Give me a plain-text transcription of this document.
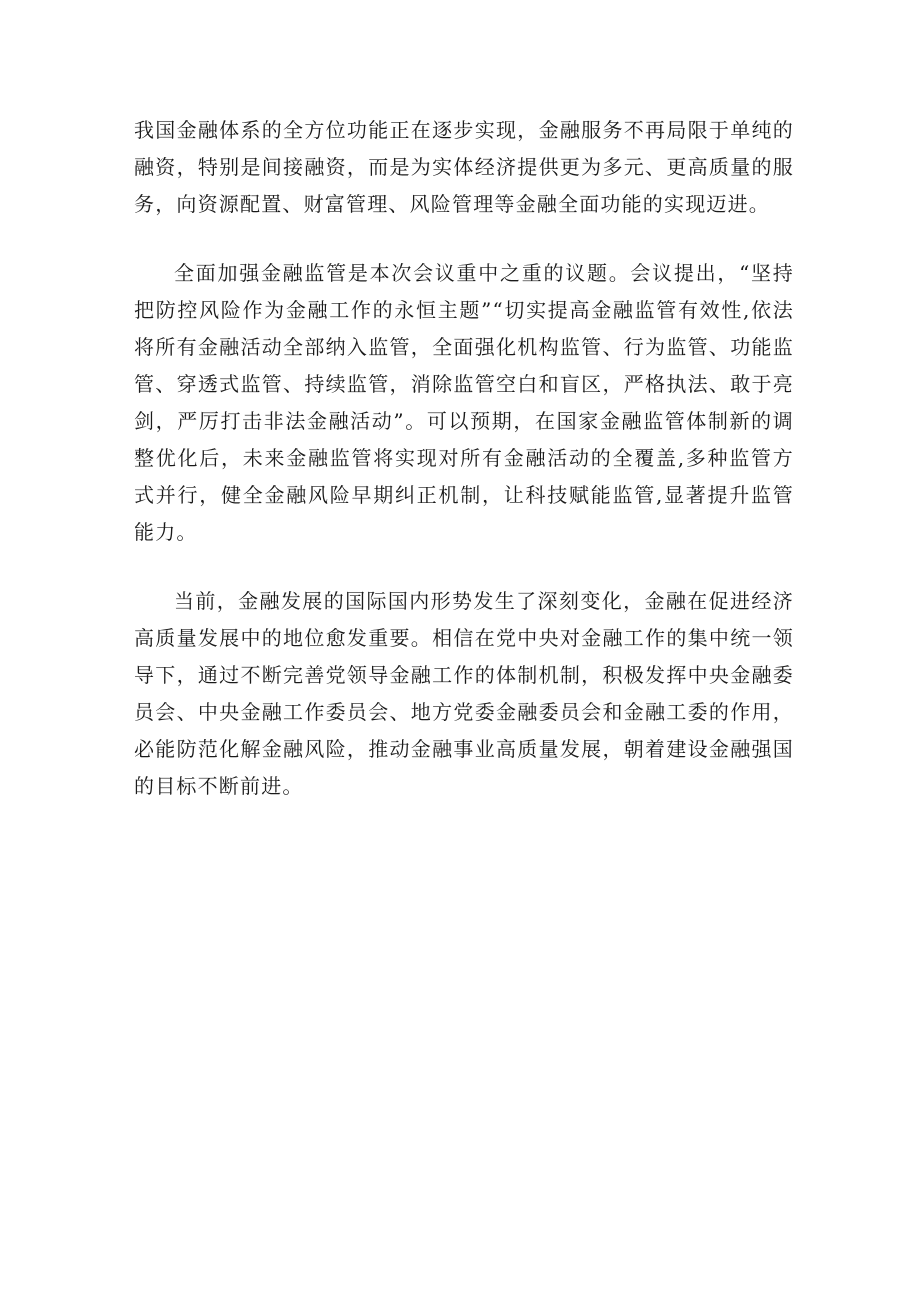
我国金融体系的全方位功能正在逐步实现，金融服务不再局限于单纯的融资，特别是间接融资，而是为实体经济提供更为多元、更高质量的服务，向资源配置、财富管理、风险管理等金融全面功能的实现迈进。

全面加强金融监管是本次会议重中之重的议题。会议提出，“坚持把防控风险作为金融工作的永恒主题”“切实提高金融监管有效性,依法将所有金融活动全部纳入监管，全面强化机构监管、行为监管、功能监管、穿透式监管、持续监管，消除监管空白和盲区，严格执法、敢于亮剑，严厉打击非法金融活动”。可以预期，在国家金融监管体制新的调整优化后，未来金融监管将实现对所有金融活动的全覆盖,多种监管方式并行，健全金融风险早期纠正机制，让科技赋能监管,显著提升监管能力。

当前，金融发展的国际国内形势发生了深刻变化，金融在促进经济高质量发展中的地位愈发重要。相信在党中央对金融工作的集中统一领导下，通过不断完善党领导金融工作的体制机制，积极发挥中央金融委员会、中央金融工作委员会、地方党委金融委员会和金融工委的作用，必能防范化解金融风险，推动金融事业高质量发展，朝着建设金融强国的目标不断前进。
